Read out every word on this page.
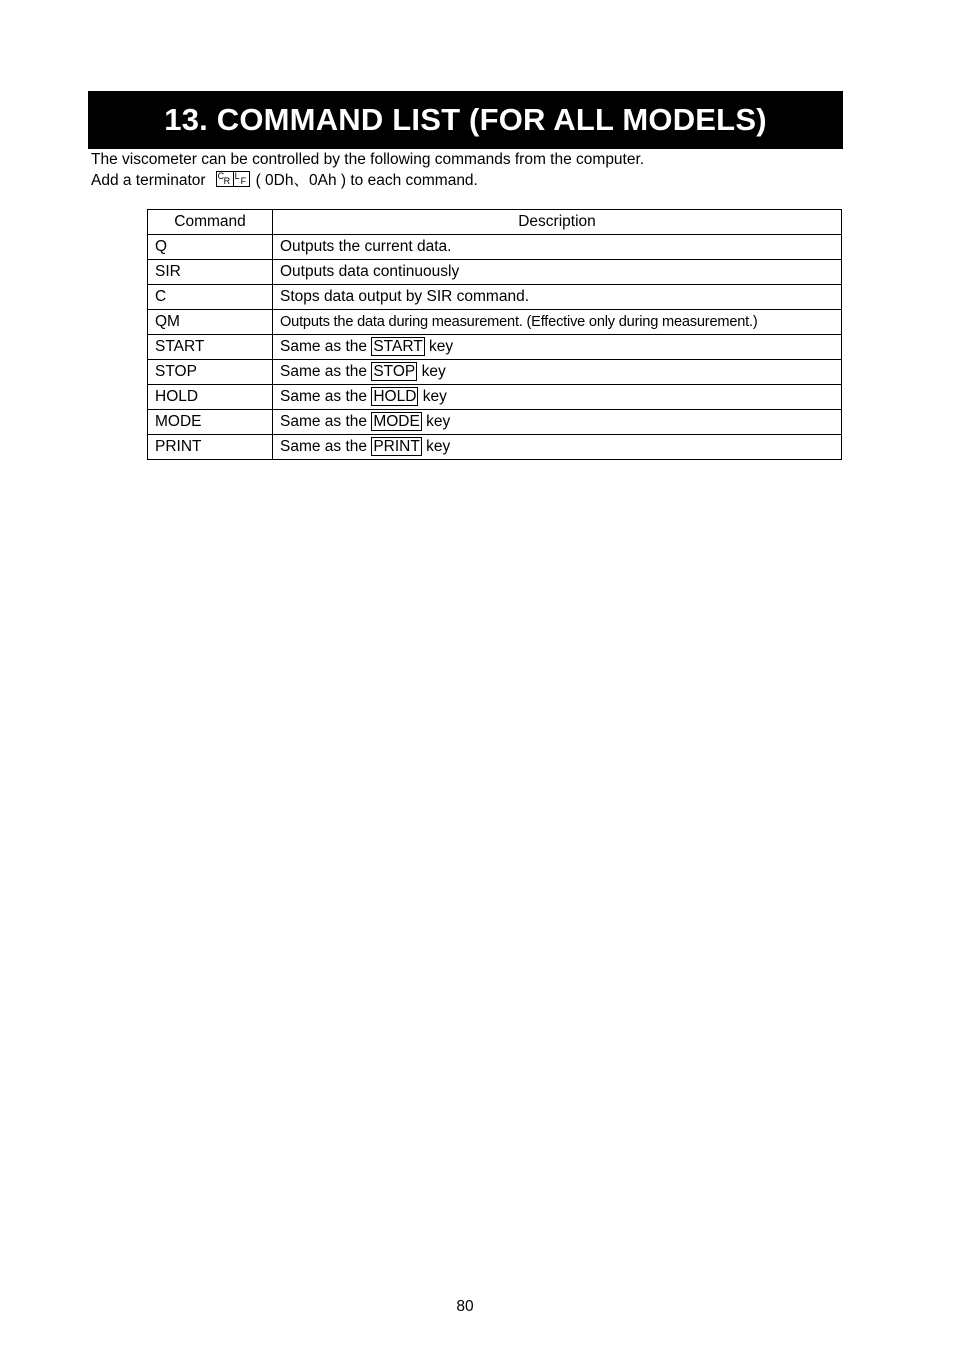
13. COMMAND LIST (FOR ALL MODELS)

The viscometer can be controlled by the following commands from the computer.

Add a terminator C R L F ( 0Dh、0Ah ) to each command.

Command	Description
Q	Outputs the current data.
SIR	Outputs data continuously
C	Stops data output by SIR command.
QM	Outputs the data during measurement. (Effective only during measurement.)
START	Same as the START key
STOP	Same as the STOP key
HOLD	Same as the HOLD key
MODE	Same as the MODE key
PRINT	Same as the PRINT key
80
